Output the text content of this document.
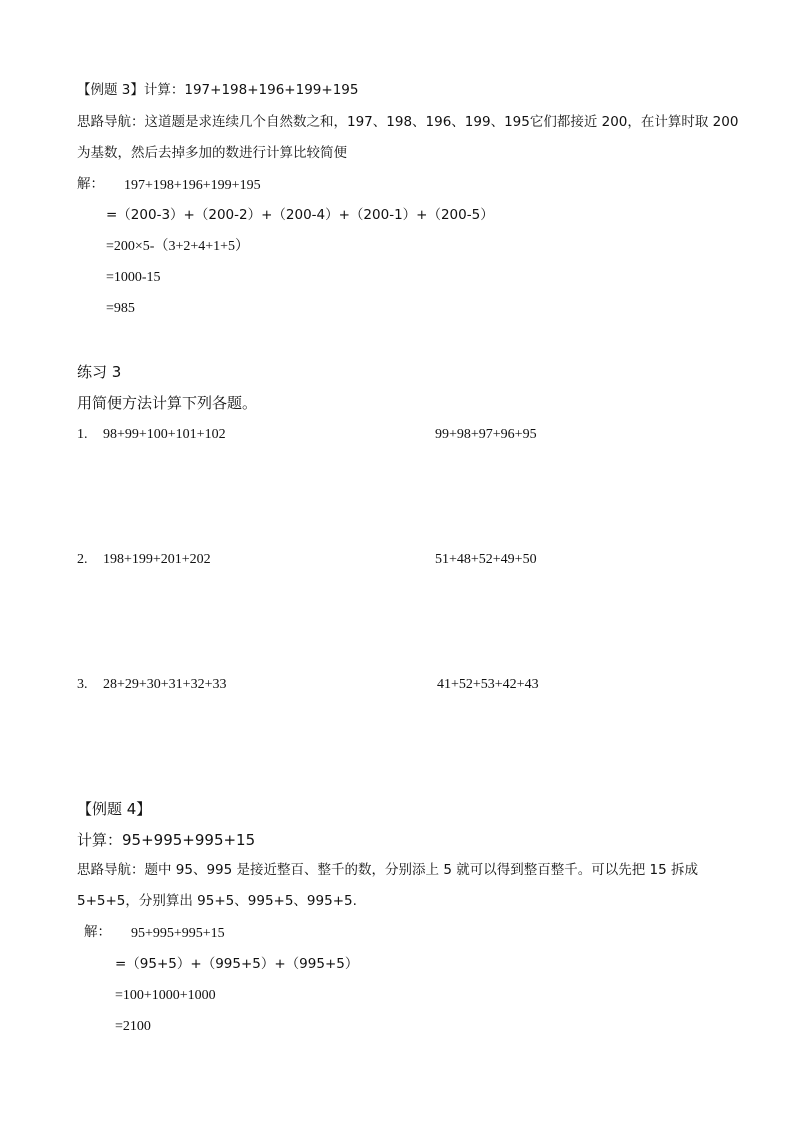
【例题 3】计算：197+198+196+199+195
思路导航：这道题是求连续几个自然数之和，197、198、196、199、195它们都接近 200，在计算时取 200
为基数，然后去掉多加的数进行计算比较简便
解： 197+198+196+199+195
=（200-3）+（200-2）+（200-4）+（200-1）+（200-5）
=200×5-（3+2+4+1+5）
=1000-15
=985
练习 3
用简便方法计算下列各题。
1. 98+99+100+101+102	99+98+97+96+95
2. 198+199+201+202	51+48+52+49+50
3. 28+29+30+31+32+33	41+52+53+42+43
【例题 4】
计算：95+995+995+15
思路导航：题中 95、995 是接近整百、整千的数，分别添上 5 就可以得到整百整千。可以先把 15 拆成
5+5+5，分别算出 95+5、995+5、995+5.
解： 95+995+995+15
=（95+5）+（995+5）+（995+5）
=100+1000+1000
=2100
